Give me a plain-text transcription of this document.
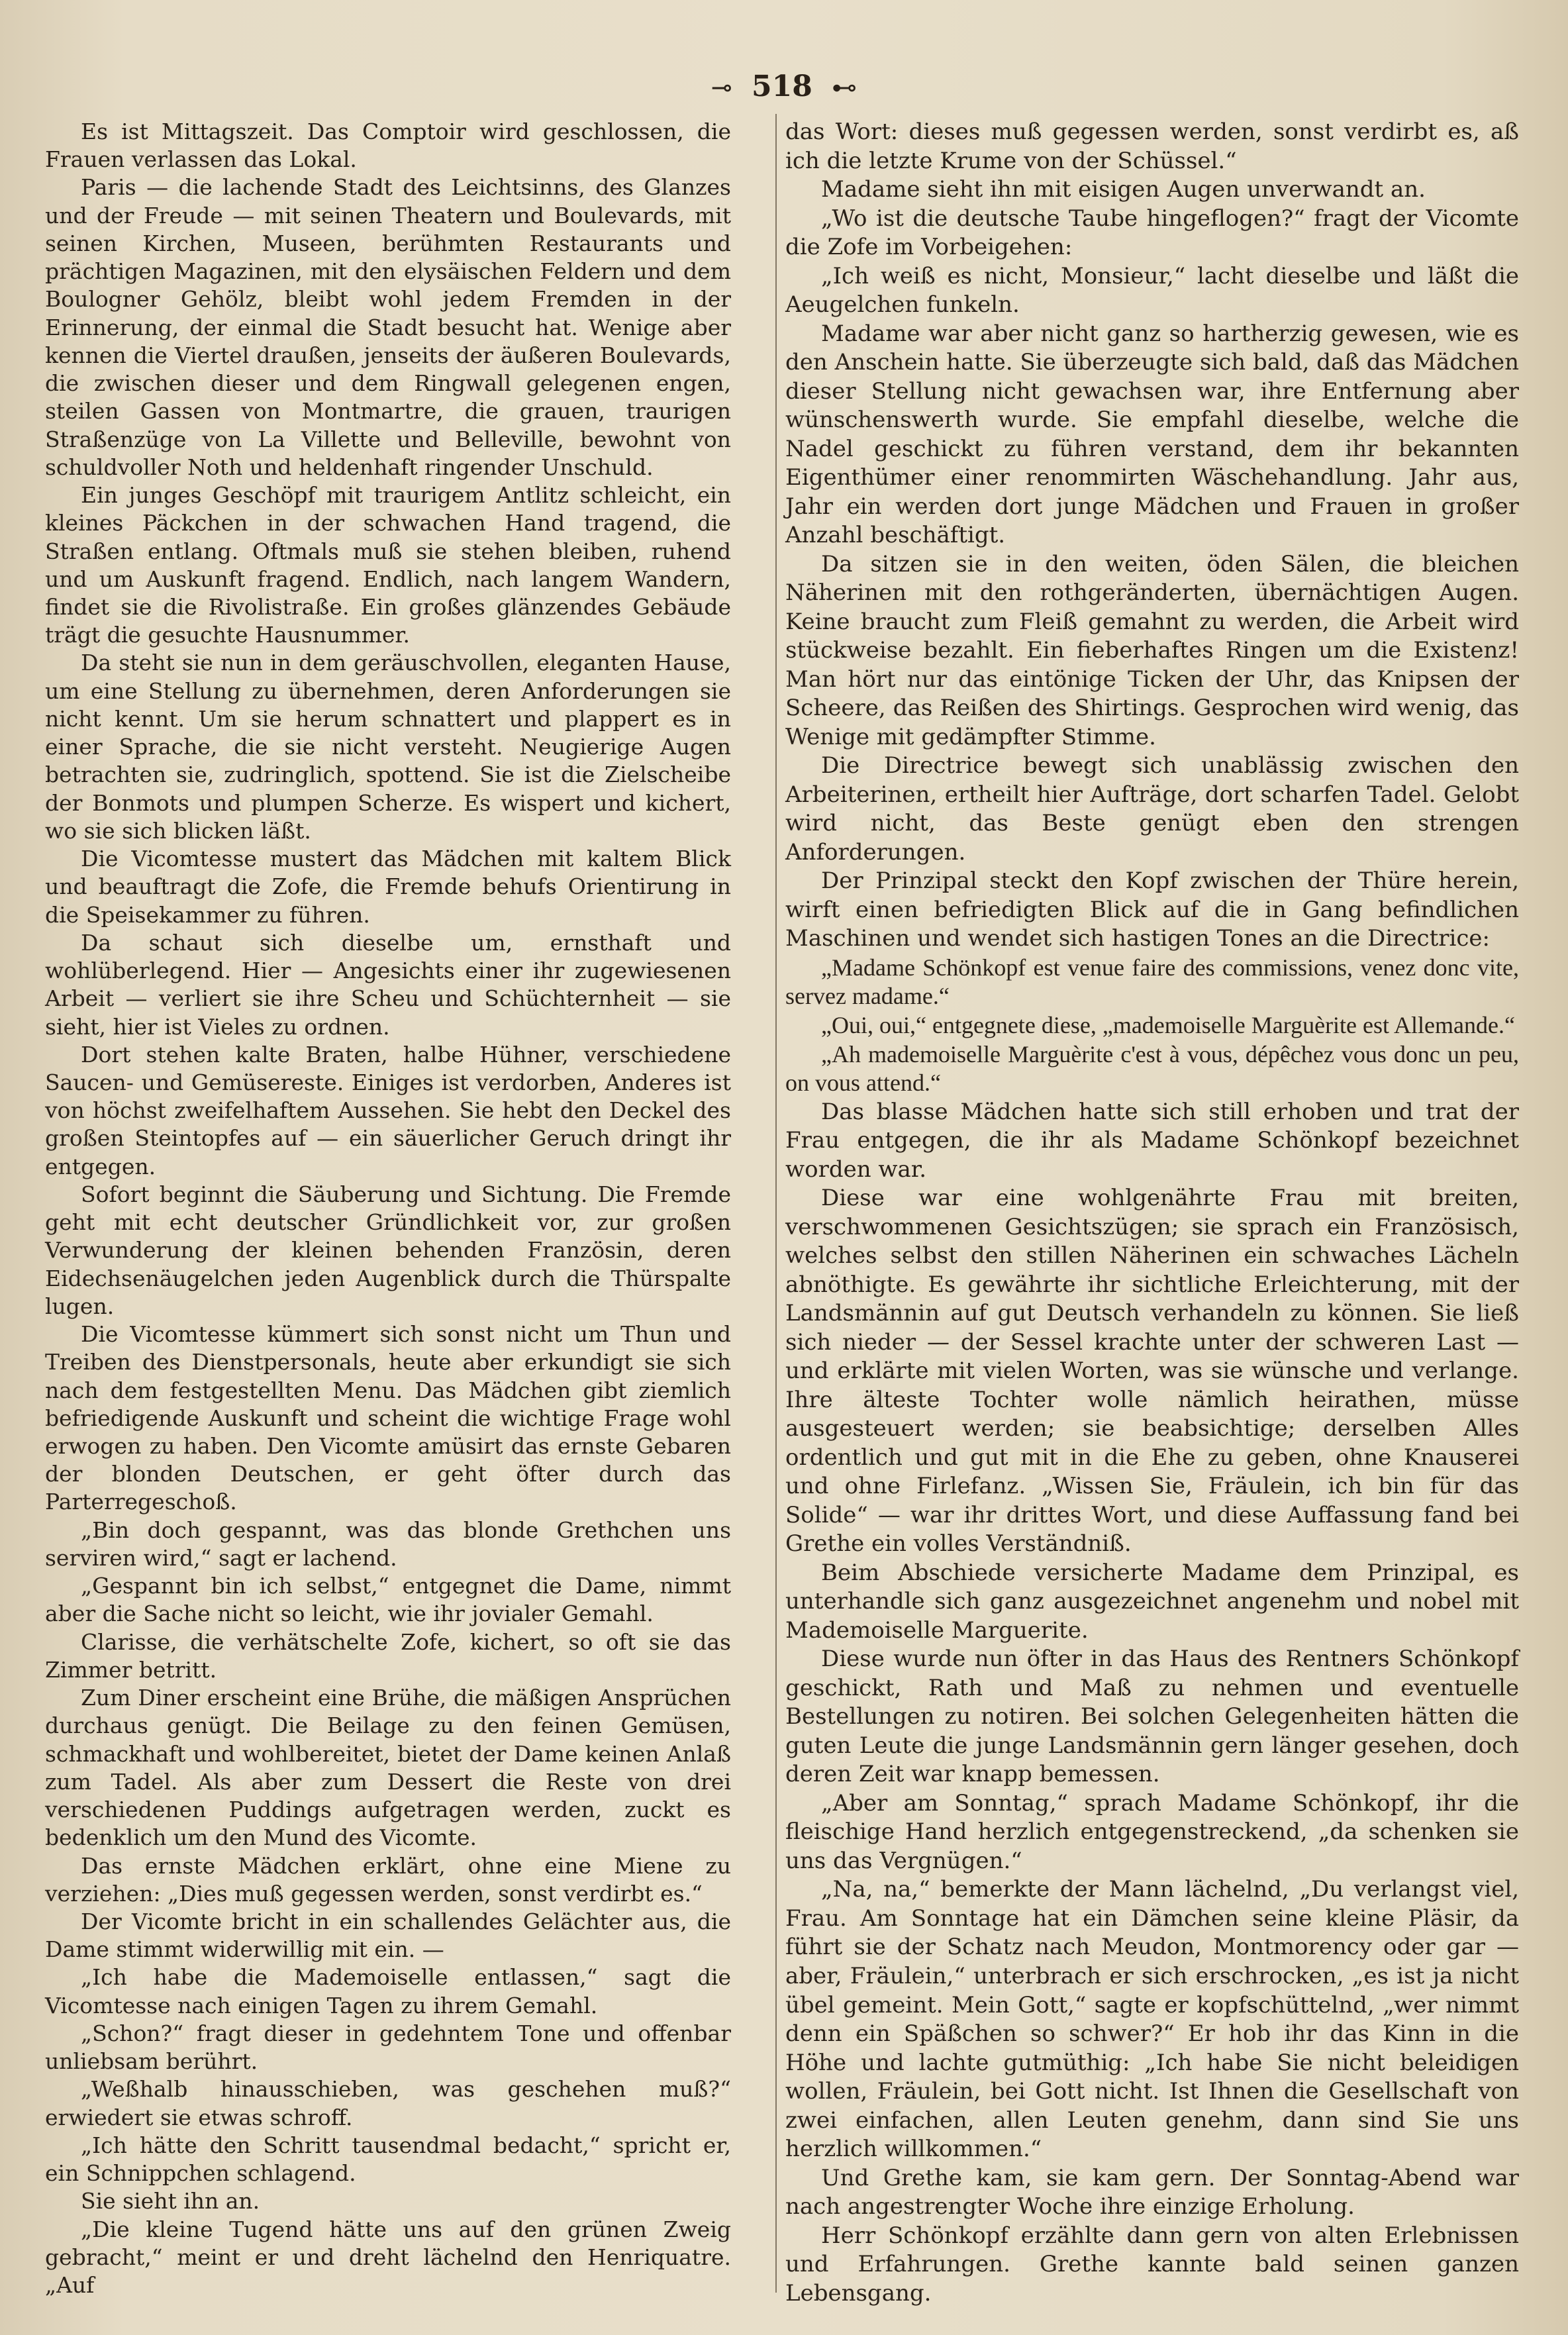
⊸ 518 ⊷

Es ist Mittagszeit. Das Comptoir wird geschlossen, die Frauen verlassen das Lokal.

Paris — die lachende Stadt des Leichtsinns, des Glanzes und der Freude — mit seinen Theatern und Boulevards, mit seinen Kirchen, Museen, berühmten Restaurants und prächtigen Magazinen, mit den elysäischen Feldern und dem Boulogner Gehölz, bleibt wohl jedem Fremden in der Erinnerung, der einmal die Stadt besucht hat. Wenige aber kennen die Viertel draußen, jenseits der äußeren Boulevards, die zwischen dieser und dem Ringwall gelegenen engen, steilen Gassen von Montmartre, die grauen, traurigen Straßenzüge von La Villette und Belleville, bewohnt von schuldvoller Noth und heldenhaft ringender Unschuld.

Ein junges Geschöpf mit traurigem Antlitz schleicht, ein kleines Päckchen in der schwachen Hand tragend, die Straßen entlang. Oftmals muß sie stehen bleiben, ruhend und um Auskunft fragend. Endlich, nach langem Wandern, findet sie die Rivolistraße. Ein großes glänzendes Gebäude trägt die gesuchte Hausnummer.

Da steht sie nun in dem geräuschvollen, eleganten Hause, um eine Stellung zu übernehmen, deren Anforderungen sie nicht kennt. Um sie herum schnattert und plappert es in einer Sprache, die sie nicht versteht. Neugierige Augen betrachten sie, zudringlich, spottend. Sie ist die Zielscheibe der Bonmots und plumpen Scherze. Es wispert und kichert, wo sie sich blicken läßt.

Die Vicomtesse mustert das Mädchen mit kaltem Blick und beauftragt die Zofe, die Fremde behufs Orientirung in die Speisekammer zu führen.

Da schaut sich dieselbe um, ernsthaft und wohlüberlegend. Hier — Angesichts einer ihr zugewiesenen Arbeit — verliert sie ihre Scheu und Schüchternheit — sie sieht, hier ist Vieles zu ordnen.

Dort stehen kalte Braten, halbe Hühner, verschiedene Saucen- und Gemüsereste. Einiges ist verdorben, Anderes ist von höchst zweifelhaftem Aussehen. Sie hebt den Deckel des großen Steintopfes auf — ein säuerlicher Geruch dringt ihr entgegen.

Sofort beginnt die Säuberung und Sichtung. Die Fremde geht mit echt deutscher Gründlichkeit vor, zur großen Verwunderung der kleinen behenden Französin, deren Eidechsenäugelchen jeden Augenblick durch die Thürspalte lugen.

Die Vicomtesse kümmert sich sonst nicht um Thun und Treiben des Dienstpersonals, heute aber erkundigt sie sich nach dem festgestellten Menu. Das Mädchen gibt ziemlich befriedigende Auskunft und scheint die wichtige Frage wohl erwogen zu haben. Den Vicomte amüsirt das ernste Gebaren der blonden Deutschen, er geht öfter durch das Parterregeschoß.

„Bin doch gespannt, was das blonde Grethchen uns serviren wird,“ sagt er lachend.

„Gespannt bin ich selbst,“ entgegnet die Dame, nimmt aber die Sache nicht so leicht, wie ihr jovialer Gemahl.

Clarisse, die verhätschelte Zofe, kichert, so oft sie das Zimmer betritt.

Zum Diner erscheint eine Brühe, die mäßigen Ansprüchen durchaus genügt. Die Beilage zu den feinen Gemüsen, schmackhaft und wohlbereitet, bietet der Dame keinen Anlaß zum Tadel. Als aber zum Dessert die Reste von drei verschiedenen Puddings aufgetragen werden, zuckt es bedenklich um den Mund des Vicomte.

Das ernste Mädchen erklärt, ohne eine Miene zu verziehen: „Dies muß gegessen werden, sonst verdirbt es.“

Der Vicomte bricht in ein schallendes Gelächter aus, die Dame stimmt widerwillig mit ein. —

„Ich habe die Mademoiselle entlassen,“ sagt die Vicomtesse nach einigen Tagen zu ihrem Gemahl.

„Schon?“ fragt dieser in gedehntem Tone und offenbar unliebsam berührt.

„Weßhalb hinausschieben, was geschehen muß?“ erwiedert sie etwas schroff.

„Ich hätte den Schritt tausendmal bedacht,“ spricht er, ein Schnippchen schlagend.

Sie sieht ihn an.

„Die kleine Tugend hätte uns auf den grünen Zweig gebracht,“ meint er und dreht lächelnd den Henriquatre. „Auf

das Wort: dieses muß gegessen werden, sonst verdirbt es, aß ich die letzte Krume von der Schüssel.“

Madame sieht ihn mit eisigen Augen unverwandt an.

„Wo ist die deutsche Taube hingeflogen?“ fragt der Vicomte die Zofe im Vorbeigehen:

„Ich weiß es nicht, Monsieur,“ lacht dieselbe und läßt die Aeugelchen funkeln.

Madame war aber nicht ganz so hartherzig gewesen, wie es den Anschein hatte. Sie überzeugte sich bald, daß das Mädchen dieser Stellung nicht gewachsen war, ihre Entfernung aber wünschenswerth wurde. Sie empfahl dieselbe, welche die Nadel geschickt zu führen verstand, dem ihr bekannten Eigenthümer einer renommirten Wäschehandlung. Jahr aus, Jahr ein werden dort junge Mädchen und Frauen in großer Anzahl beschäftigt.

Da sitzen sie in den weiten, öden Sälen, die bleichen Näherinen mit den rothgeränderten, übernächtigen Augen. Keine braucht zum Fleiß gemahnt zu werden, die Arbeit wird stückweise bezahlt. Ein fieberhaftes Ringen um die Existenz! Man hört nur das eintönige Ticken der Uhr, das Knipsen der Scheere, das Reißen des Shirtings. Gesprochen wird wenig, das Wenige mit gedämpfter Stimme.

Die Directrice bewegt sich unablässig zwischen den Arbeiterinen, ertheilt hier Aufträge, dort scharfen Tadel. Gelobt wird nicht, das Beste genügt eben den strengen Anforderungen.

Der Prinzipal steckt den Kopf zwischen der Thüre herein, wirft einen befriedigten Blick auf die in Gang befindlichen Maschinen und wendet sich hastigen Tones an die Directrice:

„Madame Schönkopf est venue faire des commissions, venez donc vite, servez madame.“

„Oui, oui,“ entgegnete diese, „mademoiselle Marguèrite est Allemande.“

„Ah mademoiselle Marguèrite c'est à vous, dépêchez vous donc un peu, on vous attend.“

Das blasse Mädchen hatte sich still erhoben und trat der Frau entgegen, die ihr als Madame Schönkopf bezeichnet worden war.

Diese war eine wohlgenährte Frau mit breiten, verschwommenen Gesichtszügen; sie sprach ein Französisch, welches selbst den stillen Näherinen ein schwaches Lächeln abnöthigte. Es gewährte ihr sichtliche Erleichterung, mit der Landsmännin auf gut Deutsch verhandeln zu können. Sie ließ sich nieder — der Sessel krachte unter der schweren Last — und erklärte mit vielen Worten, was sie wünsche und verlange. Ihre älteste Tochter wolle nämlich heirathen, müsse ausgesteuert werden; sie beabsichtige; derselben Alles ordentlich und gut mit in die Ehe zu geben, ohne Knauserei und ohne Firlefanz. „Wissen Sie, Fräulein, ich bin für das Solide“ — war ihr drittes Wort, und diese Auffassung fand bei Grethe ein volles Verständniß.

Beim Abschiede versicherte Madame dem Prinzipal, es unterhandle sich ganz ausgezeichnet angenehm und nobel mit Mademoiselle Marguerite.

Diese wurde nun öfter in das Haus des Rentners Schönkopf geschickt, Rath und Maß zu nehmen und eventuelle Bestellungen zu notiren. Bei solchen Gelegenheiten hätten die guten Leute die junge Landsmännin gern länger gesehen, doch deren Zeit war knapp bemessen.

„Aber am Sonntag,“ sprach Madame Schönkopf, ihr die fleischige Hand herzlich entgegenstreckend, „da schenken sie uns das Vergnügen.“

„Na, na,“ bemerkte der Mann lächelnd, „Du verlangst viel, Frau. Am Sonntage hat ein Dämchen seine kleine Pläsir, da führt sie der Schatz nach Meudon, Montmorency oder gar — aber, Fräulein,“ unterbrach er sich erschrocken, „es ist ja nicht übel gemeint. Mein Gott,“ sagte er kopfschüttelnd, „wer nimmt denn ein Späßchen so schwer?“ Er hob ihr das Kinn in die Höhe und lachte gutmüthig: „Ich habe Sie nicht beleidigen wollen, Fräulein, bei Gott nicht. Ist Ihnen die Gesellschaft von zwei einfachen, allen Leuten genehm, dann sind Sie uns herzlich willkommen.“

Und Grethe kam, sie kam gern. Der Sonntag-Abend war nach angestrengter Woche ihre einzige Erholung.

Herr Schönkopf erzählte dann gern von alten Erlebnissen und Erfahrungen. Grethe kannte bald seinen ganzen Lebensgang.
